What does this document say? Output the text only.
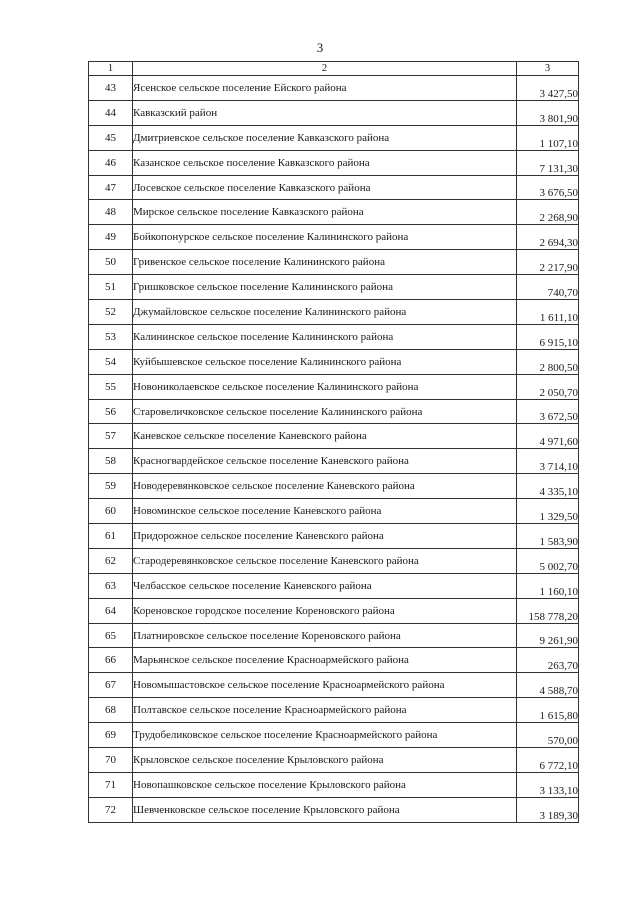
3
1	2	3
43	Ясенское сельское поселение Ейского района	3 427,50
44	Кавказский район	3 801,90
45	Дмитриевское сельское поселение Кавказского района	1 107,10
46	Казанское сельское поселение Кавказского района	7 131,30
47	Лосевское сельское поселение Кавказского района	3 676,50
48	Мирское сельское поселение Кавказского района	2 268,90
49	Бойкопонурское сельское поселение Калининского района	2 694,30
50	Гривенское сельское поселение Калининского района	2 217,90
51	Гришковское сельское поселение Калининского района	740,70
52	Джумайловское сельское поселение Калининского района	1 611,10
53	Калининское сельское поселение Калининского района	6 915,10
54	Куйбышевское сельское поселение Калининского района	2 800,50
55	Новониколаевское сельское поселение Калининского района	2 050,70
56	Старовеличковское сельское поселение Калининского района	3 672,50
57	Каневское сельское поселение Каневского района	4 971,60
58	Красногвардейское сельское поселение Каневского района	3 714,10
59	Новодеревянковское сельское поселение Каневского района	4 335,10
60	Новоминское сельское поселение Каневского района	1 329,50
61	Придорожное сельское поселение Каневского района	1 583,90
62	Стародеревянковское сельское поселение Каневского района	5 002,70
63	Челбасское сельское поселение Каневского района	1 160,10
64	Кореновское городское поселение Кореновского района	158 778,20
65	Платнировское сельское поселение Кореновского района	9 261,90
66	Марьянское сельское поселение Красноармейского района	263,70
67	Новомышастовское сельское поселение Красноармейского района	4 588,70
68	Полтавское сельское поселение Красноармейского района	1 615,80
69	Трудобеликовское сельское поселение Красноармейского района	570,00
70	Крыловское сельское поселение Крыловского района	6 772,10
71	Новопашковское сельское поселение Крыловского района	3 133,10
72	Шевченковское сельское поселение Крыловского района	3 189,30
